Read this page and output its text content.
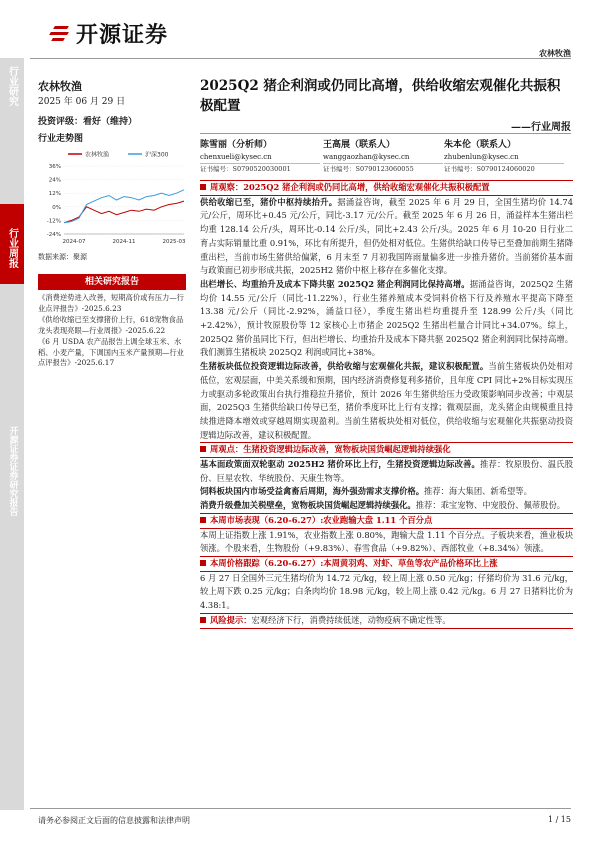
开源证券
农林牧渔
行业研究
行业周报
开源证券证券研究报告
农林牧渔
2025 年 06 月 29 日
投资评级：看好（维持）
行业走势图
农林牧渔	沪深300
36%
24%
12%
0%
-12%
-24%
2024-07	2024-11	2025-03
数据来源：聚源
相关研究报告

《消费逆势进入改善，短期高价或有压力—行业点评报告》-2025.6.23

《供给收缩已至支撑猪价上行，618宠物食品龙头表现亮眼—行业周报》-2025.6.22

《6 月 USDA 农产品报告上调全球玉米、水稻、小麦产量，下调国内玉米产量预期—行业点评报告》-2025.6.17

2025Q2 猪企利润或仍同比高增，供给收缩宏观催化共振积极配置
——行业周报
陈雪丽（分析师）
chenxueli@kysec.cn
证书编号：S0790520030001
王高展（联系人）
wanggaozhan@kysec.cn
证书编号：S0790123060055
朱本伦（联系人）
zhubenlun@kysec.cn
证书编号：S0790124060020
周观察：2025Q2 猪企利润或仍同比高增，供给收缩宏观催化共振积极配置

供给收缩已至，猪价中枢持续抬升。据涌益咨询，截至 2025 年 6 月 29 日，全国生猪均价 14.74 元/公斤，周环比+0.45 元/公斤，同比-3.17 元/公斤。截至 2025 年 6 月 26 日，涌益样本生猪出栏均重 128.14 公斤/头，周环比-0.14 公斤/头，同比+2.43 公斤/头。2025 年 6 月 10-20 日行业二育占实际销量比重 0.91%，环比有所提升，但仍处相对低位。生猪供给缺口传导已至叠加前期生猪降重出栏，当前市场生猪供给偏紧，6 月末至 7 月初我国阵雨量偏多进一步推升猪价。当前猪价基本面与政策面已初步形成共振，2025H2 猪价中枢上移存在多催化支撑。

出栏增长、均重抬升及成本下降共驱 2025Q2 猪企利润同比保持高增。据涌益咨询，2025Q2 生猪均价 14.55 元/公斤（同比-11.22%），行业生猪养殖成本受饲料价格下行及养殖水平提高下降至 13.38 元/公斤（同比-2.92%，涌益口径），季度生猪出栏均重提升至 128.99 公斤/头（同比+2.42%），预计牧原股份等 12 家核心上市猪企 2025Q2 生猪出栏量合计同比+34.07%。综上，2025Q2 猪价虽同比下行，但出栏增长、均重抬升及成本下降共驱 2025Q2 猪企利润同比保持高增。我们测算生猪板块 2025Q2 利润或同比+38%。

生猪板块低位投资逻辑边际改善，供给收缩与宏观催化共振，建议积极配置。当前生猪板块仍处相对低位，宏观层面，中美关系缓和预期，国内经济消费修复利多猪价，且年度 CPI 同比+2%目标实现压力或驱动多轮政策出台执行推稳拉升猪价，预计 2026 年生猪供给压力受政策影响同步改善；中观层面，2025Q3 生猪供给缺口传导已至，猪价季度环比上行有支撑；微观层面，龙头猪企由规模重且持续推进降本增效或穿越周期实现盈利。当前生猪板块处相对低位，供给收缩与宏观催化共振驱动投资逻辑边际改善，建议积极配置。

周观点：生猪投资逻辑边际改善，宽物板块国货崛起逻辑持续强化

基本面政策面双轮驱动 2025H2 猪价环比上行，生猪投资逻辑边际改善。推荐：牧原股份、温氏股份、巨星农牧、华统股份、天康生物等。

饲料板块国内市场受益禽畜后周期，海外强劲需求支撑价格。推荐：海大集团、新希望等。

消费升级叠加关税壁垒，宽物板块国货崛起逻辑持续强化。推荐：乖宝宠物、中宠股份、佩蒂股份。

本周市场表现（6.20-6.27）:农业跑输大盘 1.11 个百分点

本周上证指数上涨 1.91%，农业指数上涨 0.80%，跑输大盘 1.11 个百分点。子板块来看，渔业板块领涨。个股来看，生物股份（+9.83%）、春雪食品（+9.82%）、西部牧业（+8.34%）领涨。

本周价格跟踪（6.20-6.27）:本周黄羽鸡、对虾、草鱼等农产品价格环比上涨

6 月 27 日全国外三元生猪均价为 14.72 元/kg，较上周上涨 0.50 元/kg；仔猪均价为 31.6 元/kg，较上周下跌 0.25 元/kg；白条肉均价 18.98 元/kg，较上周上涨 0.42 元/kg。6 月 27 日猪料比价为 4.38:1。

风险提示：宏观经济下行，消费持续低迷，动物疫病不确定性等。
请务必参阅正文后面的信息披露和法律声明	1 / 15
